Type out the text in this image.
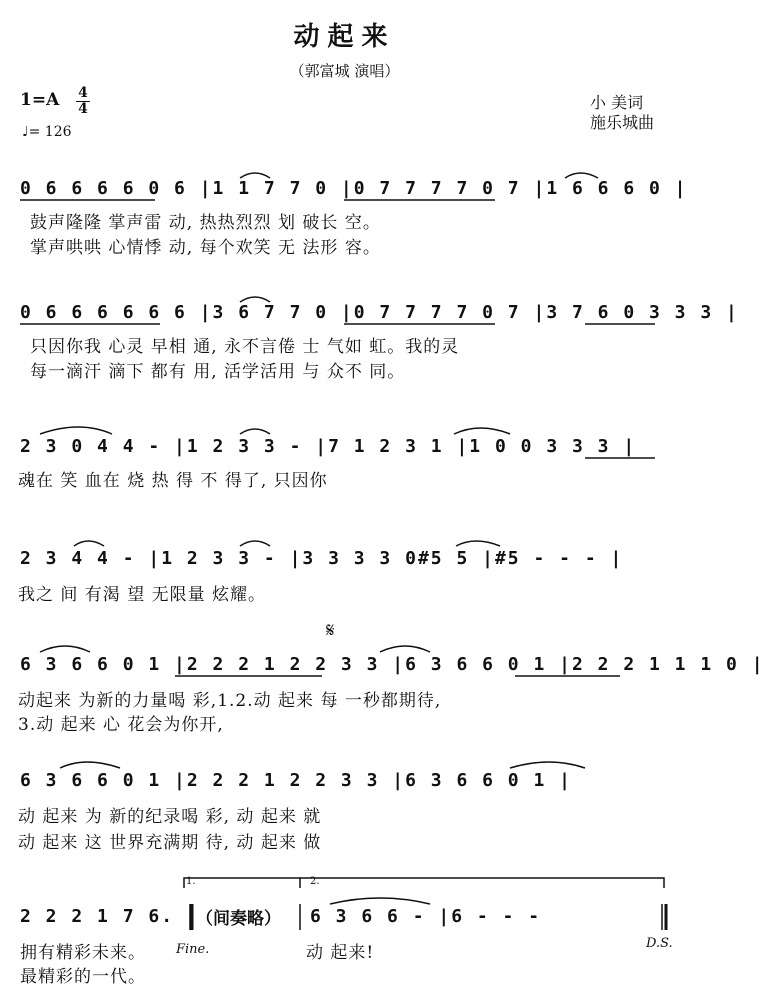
动起来
（郭富城 演唱）
$1=A \frac{4}{4}$
♩= 126
小 美词
施乐城曲
0 6 6 6 6 0 6 |1 1 7 7 0 |0 7 7 7 7 0 7 |1 6 6 6 0 |
鼓声隆隆 掌声雷 动, 热热烈烈 划 破长 空。
掌声哄哄 心情悸 动, 每个欢笑 无 法形 容。
0 6 6 6 6 6 6 |3 6 7 7 0 |0 7 7 7 7 0 7 |3 7 6 0 3 3 3 |
只因你我 心灵 早相 通, 永不言倦 士 气如 虹。我的灵
每一滴汗 滴下 都有 用, 活学活用 与 众不 同。
2 3 0 4 4 - |1 2 3 3 - |7 1 2 3 1 |1 0 0 3 3 3 |
魂在 笑 血在 烧 热 得 不 得了, 只因你
2 3 4 4 - |1 2 3 3 - |3 3 3 3 0#5 5 |#5 - - - |
我之 间 有渴 望 无限量 炫耀。
𝄋
6 3 6 6 0 1 |2 2 2 1 2 2 3 3 |6 3 6 6 0 1 |2 2 2 1 1 1 0 |
动起来 为新的力量喝 彩,1.2.动 起来 每 一秒都期待,
3.动 起来 心 花会为你开,
6 3 6 6 0 1 |2 2 2 1 2 2 3 3 |6 3 6 6 0 1 |
动 起来 为 新的纪录喝 彩, 动 起来 就
动 起来 这 世界充满期 待, 动 起来 做
1.	2.
2 2 2 1 7 6. （间奏略） 6 3 6 6 - |6 - - -
拥有精彩未来。
最精彩的一代。
Fine.	动 起来!	D.S.
